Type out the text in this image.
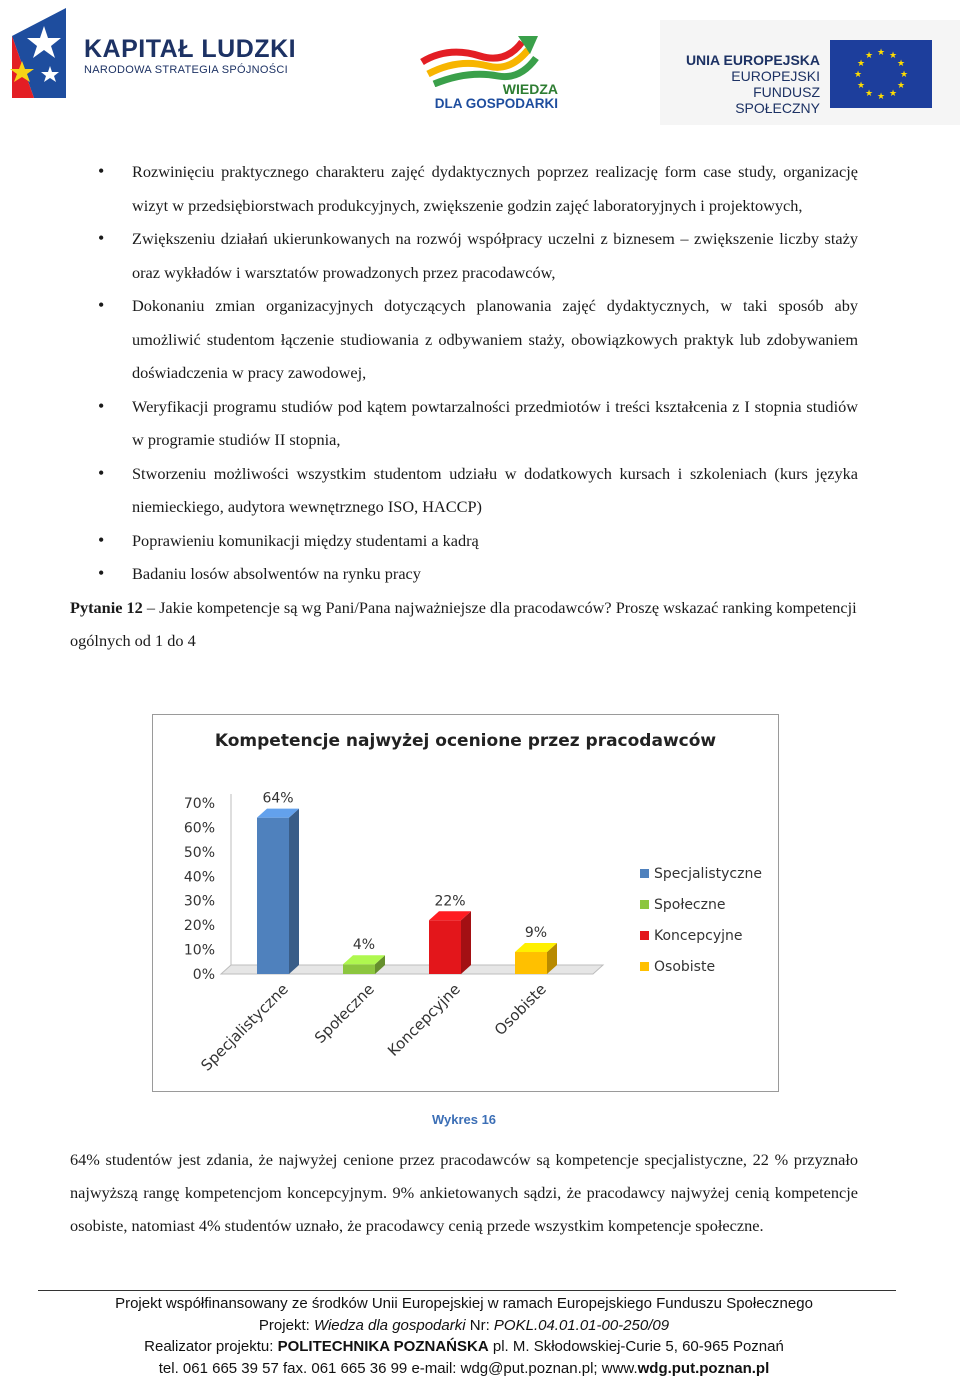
KAPITAŁ LUDZKI
NARODOWA STRATEGIA SPÓJNOŚCI
WIEDZA
DLA GOSPODARKI
UNIA EUROPEJSKA
EUROPEJSKI
FUNDUSZ SPOŁECZNY
★ ★
★
★
★
★
★
★
★
★
★
★
• Rozwinięciu praktycznego charakteru zajęć dydaktycznych poprzez realizację form case study, organizację wizyt w przedsiębiorstwach produkcyjnych, zwiększenie godzin zajęć laboratoryjnych i projektowych,
• Zwiększeniu działań ukierunkowanych na rozwój współpracy uczelni z biznesem – zwiększenie liczby staży oraz wykładów i warsztatów prowadzonych przez pracodawców,
• Dokonaniu zmian organizacyjnych dotyczących planowania zajęć dydaktycznych, w taki sposób aby umożliwić studentom łączenie studiowania z odbywaniem staży, obowiązkowych praktyk lub zdobywaniem doświadczenia w pracy zawodowej,
• Weryfikacji programu studiów pod kątem powtarzalności przedmiotów i treści kształcenia z I stopnia studiów w programie studiów II stopnia,
• Stworzeniu możliwości wszystkim studentom udziału w dodatkowych kursach i szkoleniach (kurs języka niemieckiego, audytora wewnętrznego ISO, HACCP)
• Poprawieniu komunikacji między studentami a kadrą
• Badaniu losów absolwentów na rynku pracy

Pytanie 12 – Jakie kompetencje są wg Pani/Pana najważniejsze dla pracodawców? Proszę wskazać ranking kompetencji ogólnych od 1 do 4

Kompetencje najwyżej ocenione przez pracodawców
0%
10%
20%
30%
40%
50%
60%
70%	64%
Specjalistyczne
4%
Społeczne
22%
Koncepcyjne
9%
Osobiste
Specjalistyczne
Społeczne
Koncepcyjne
Osobiste
Wykres 16

64% studentów jest zdania, że najwyżej cenione przez pracodawców są kompetencje specjalistyczne, 22 % przyznało najwyższą rangę kompetencjom koncepcyjnym. 9% ankietowanych sądzi, że pracodawcy najwyżej cenią kompetencje osobiste, natomiast 4% studentów uznało, że pracodawcy cenią przede wszystkim kompetencje społeczne.

Projekt współfinansowany ze środków Unii Europejskiej w ramach Europejskiego Funduszu Społecznego
Projekt: Wiedza dla gospodarki Nr: POKL.04.01.01-00-250/09
Realizator projektu: POLITECHNIKA POZNAŃSKA pl. M. Skłodowskiej-Curie 5, 60-965 Poznań
tel. 061 665 39 57 fax. 061 665 36 99 e-mail: wdg@put.poznan.pl; www.wdg.put.poznan.pl
